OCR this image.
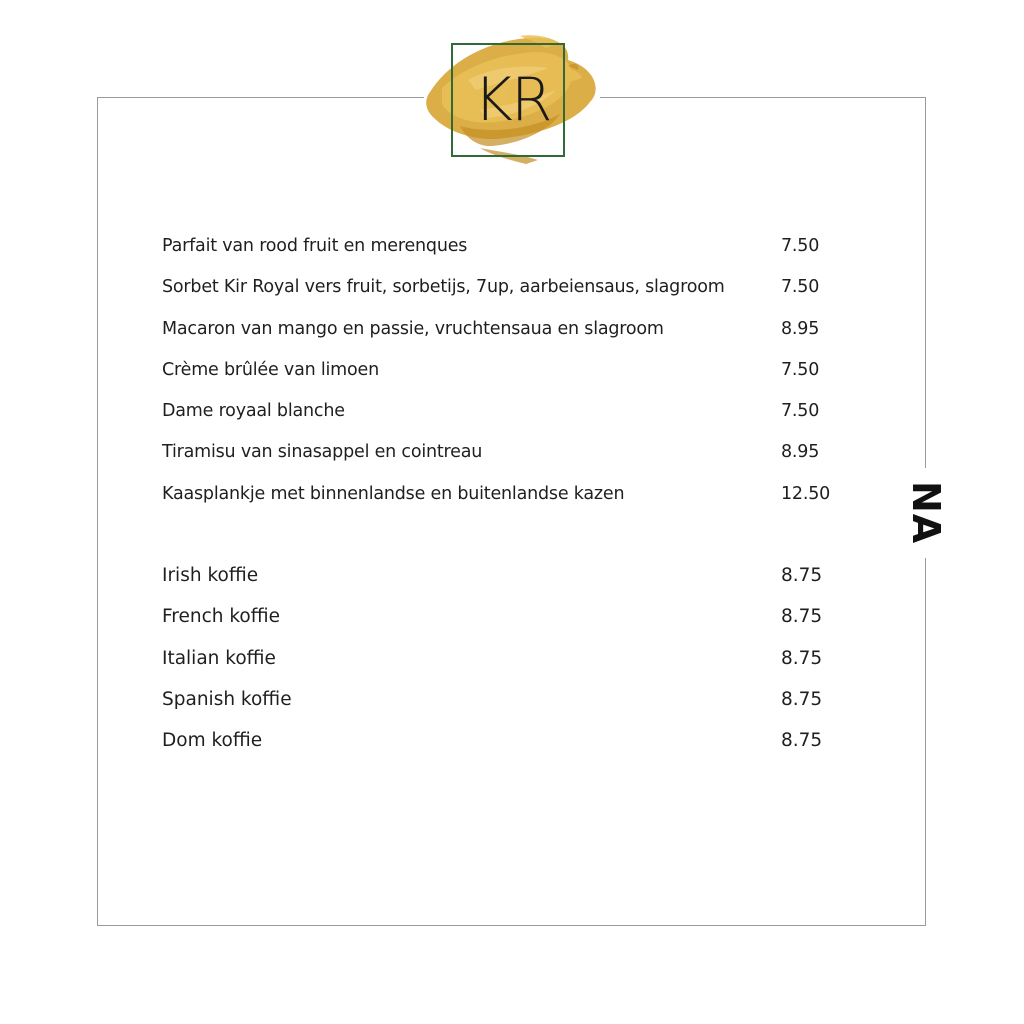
KR
NA
Parfait van rood fruit en merenques	7.50
Sorbet Kir Royal vers fruit, sorbetijs, 7up, aarbeiensaus, slagroom	7.50
Macaron van mango en passie, vruchtensaua en slagroom	8.95
Crème brûlée van limoen	7.50
Dame royaal blanche	7.50
Tiramisu van sinasappel en cointreau	8.95
Kaasplankje met binnenlandse en buitenlandse kazen	12.50
Irish koffie	8.75
French koffie	8.75
Italian koffie	8.75
Spanish koffie	8.75
Dom koffie	8.75
